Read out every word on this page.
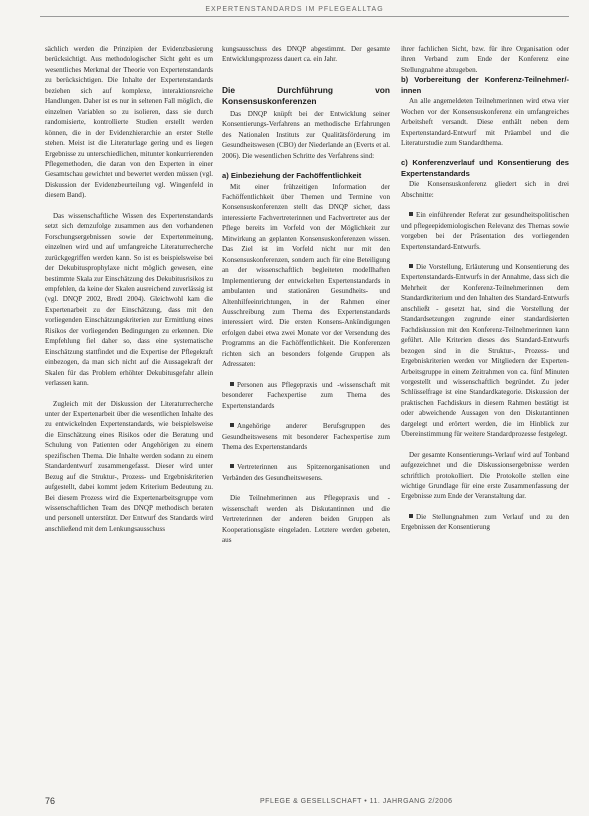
EXPERTENSTANDARDS IM PFLEGEALLTAG

sächlich werden die Prinzipien der Evidenzbasierung berücksichtigt. Aus methodologischer Sicht geht es um wesentliches Merkmal der Theorie von Expertenstandards zu berücksichtigen. Die Inhalte der Expertenstandards beziehen sich auf komplexe, interaktionsreiche Handlungen. Daher ist es nur in seltenen Fall möglich, die einzelnen Variablen so zu isolieren, dass sie durch randomisierte, kontrollierte Studien erstellt werden können, die in der Evidenzhierarchie an erster Stelle stehen. Meist ist die Literaturlage gering und es liegen Ergebnisse zu unterschiedlichen, mitunter konkurrierenden Pflegemethoden, die daran von den Experten in einer Gesamtschau gewichtet und bewertet werden müssen (vgl. Diskussion der Evidenzbeurteilung vgl. Wingenfeld in diesem Band).

Das wissenschaftliche Wissen des Expertenstandards setzt sich demzufolge zusammen aus den vorhandenen Forschungsergebnissen sowie der Expertenmeinung, einzelnen wird und auf umfangreiche Literaturrecherche zurückgegriffen werden kann. So ist es beispielsweise bei der Dekubitusprophylaxe nicht möglich gewesen, eine bestimmte Skala zur Einschätzung des Dekubitusrisikos zu empfehlen, da keine der Skalen ausreichend zuverlässig ist (vgl. DNQP 2002, Bredl 2004). Gleichwohl kam die Expertenarbeit zu der Einschätzung, dass mit den vorliegenden Einschätzungskriterien zur Ermittlung eines Risikos der vorliegenden Bedingungen zu erkennen. Die Empfehlung fiel daher so, dass eine systematische Einschätzung stattfindet und die Expertise der Pflegekraft einbezogen, da man sich nicht auf die Aussagekraft der Skalen für das Problem erhöhter Dekubitusgefahr allein verlassen kann.

Zugleich mit der Diskussion der Literaturrecherche unter der Expertenarbeit über die wesentlichen Inhalte des zu entwickelnden Expertenstandards, wie beispielsweise die Einschätzung eines Risikos oder die Beratung und Schulung von Patienten oder Angehörigen zu einem spezifischen Thema. Die Inhalte werden sodann zu einem Standardentwurf zusammengefasst. Dieser wird unter Bezug auf die Struktur-, Prozess- und Ergebniskriterien aufgestellt, dabei kommt jedem Kriterium Bedeutung zu. Bei diesem Prozess wird die Expertenarbeitsgruppe vom wissenschaftlichen Team des DNQP methodisch beraten und personell unterstützt. Der Entwurf des Standards wird anschließend mit dem Lenkungsausschuss

kungsausschuss des DNQP abgestimmt. Der gesamte Entwicklungsprozess dauert ca. ein Jahr.

Die Durchführung von Konsensuskonferenzen

Das DNQP knüpft bei der Entwicklung seiner Konsentierungs-Verfahrens an methodische Erfahrungen des Nationalen Instituts zur Qualitätsförderung im Gesundheitswesen (CBO) der Niederlande an (Everts et al. 2006). Die wesentlichen Schritte des Verfahrens sind:

a) Einbeziehung der Fachöffentlichkeit

Mit einer frühzeitigen Information der Fachöffentlichkeit über Themen und Termine von Konsensuskonferenzen stellt das DNQP sicher, dass interessierte Fachvertreterinnen und Fachvertreter aus der Pflege bereits im Vorfeld von der Möglichkeit zur Mitwirkung an geplanten Konsensuskonferenzen wissen. Das Ziel ist im Vorfeld nicht nur mit den Konsensuskonferenzen, sondern auch für eine Beteiligung an der wissenschaftlich begleiteten modellhaften Implementierung der entwickelten Expertenstandards in ambulanten und stationären Gesundheits- und Altenhilfeeinrichtungen, in der Rahmen einer Ausschreibung zum Thema des Expertenstandards interessiert wird. Die ersten Konsens-Ankündigungen erfolgen dabei etwa zwei Monate vor der Versendung des Programms an die Fachöffentlichkeit. Die Konferenzen richten sich an besonders folgende Gruppen als Adressaten:

Personen aus Pflegepraxis und -wissenschaft mit besonderer Fachexpertise zum Thema des Expertenstandards

Angehörige anderer Berufsgruppen des Gesundheitswesens mit besonderer Fachexpertise zum Thema des Expertenstandards

Vertreterinnen aus Spitzenorganisationen und Verbänden des Gesundheitswesens.

Die Teilnehmerinnen aus Pflegepraxis und -wissenschaft werden als Diskutantinnen und die Vertreterinnen der anderen beiden Gruppen als Kooperationsgäste eingeladen. Letztere werden gebeten, aus

ihrer fachlichen Sicht, bzw. für ihre Organisation oder ihren Verband zum Ende der Konferenz eine Stellungnahme abzugeben.

b) Vorbereitung der Konferenz-Teilnehmer/-innen

An alle angemeldeten Teilnehmerinnen wird etwa vier Wochen vor der Konsensuskonferenz ein umfangreiches Arbeitsheft versandt. Diese enthält neben dem Expertenstandard-Entwurf mit Präambel und die Literaturstudie zum Standardthema.

c) Konferenzverlauf und Konsentierung des Expertenstandards

Die Konsensuskonferenz gliedert sich in drei Abschnitte:

Ein einführender Referat zur gesundheitspolitischen und pflegeepidemiologischen Relevanz des Themas sowie vorgeben bei der Präsentation des vorliegenden Expertenstandard-Entwurfs.

Die Vorstellung, Erläuterung und Konsentierung des Expertenstandards-Entwurfs in der Annahme, dass sich die Mehrheit der Konferenz-Teilnehmerinnen dem Standardkriterium und den Inhalten des Standard-Entwurfs anschließt - gesetzt hat, sind die Vorstellung der Standardsetzungen zugrunde einer standardisierten Fachdiskussion mit den Konferenz-Teilnehmerinnen kann geführt. Alle Kriterien dieses des Standard-Entwurfs bezogen sind in die Struktur-, Prozess- und Ergebniskriterien werden vor Mitgliedern der Experten-Arbeitsgruppe in einem Zeitrahmen von ca. fünf Minuten vorgestellt und wissenschaftlich begründet. Zu jeder Schlüsselfrage ist eine Standardkategorie. Diskussion der praktischen Fachdiskurs in diesem Rahmen bestätigt ist oder abweichende Aussagen von den Diskutantinnen dargelegt und erörtert werden, die im Hinblick zur Übereinstimmung für weitere Standardprozesse festgelegt.

Der gesamte Konsentierungs-Verlauf wird auf Tonband aufgezeichnet und die Diskussionsergebnisse werden schriftlich protokolliert. Die Protokolle stellen eine wichtige Grundlage für eine erste Zusammenfassung der Ergebnisse zum Ende der Veranstaltung dar.

Die Stellungnahmen zum Verlauf und zu den Ergebnissen der Konsentierung

76	PFLEGE & GESELLSCHAFT • 11. JAHRGANG 2/2006
